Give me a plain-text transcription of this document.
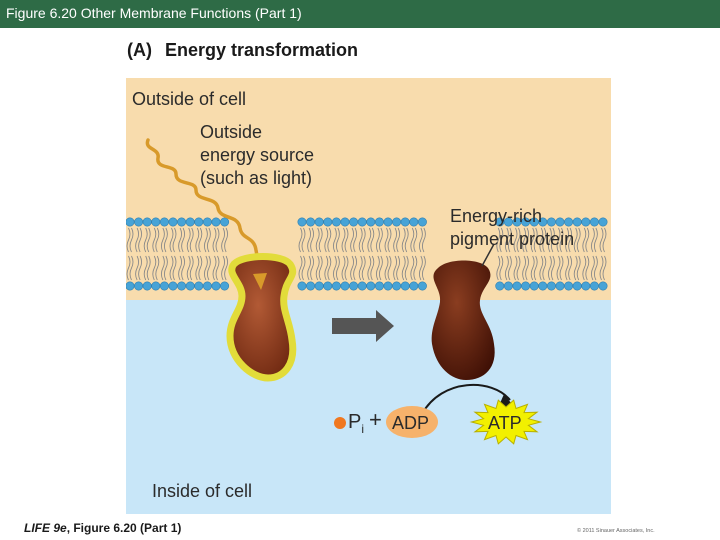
Figure 6.20 Other Membrane Functions (Part 1)
(A) Energy transformation
Outside of cell
Outside
energy source
(such as light)
Energy-rich
pigment protein
$P_i$ + ADP	ATP
Inside of cell
LIFE 9e, Figure 6.20 (Part 1)	© 2011 Sinauer Associates, Inc.
